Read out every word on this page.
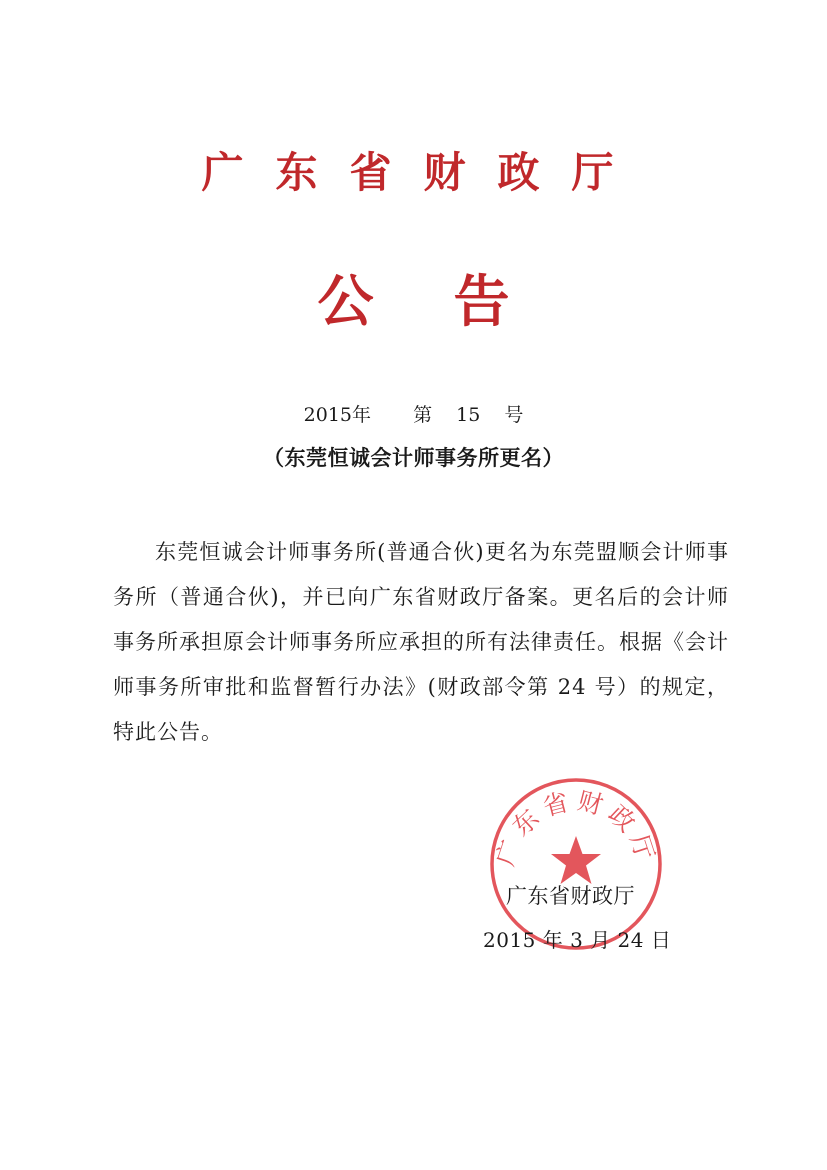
广东省财政厅
公告
2015年 第 15 号
（东莞恒诚会计师事务所更名）

东莞恒诚会计师事务所(普通合伙)更名为东莞盟顺会计师事务所（普通合伙)，并已向广东省财政厅备案。更名后的会计师事务所承担原会计师事务所应承担的所有法律责任。根据《会计师事务所审批和监督暂行办法》(财政部令第 24 号）的规定，特此公告。

广东省财政厅
广东省财政厅
2015 年 3 月 24 日
